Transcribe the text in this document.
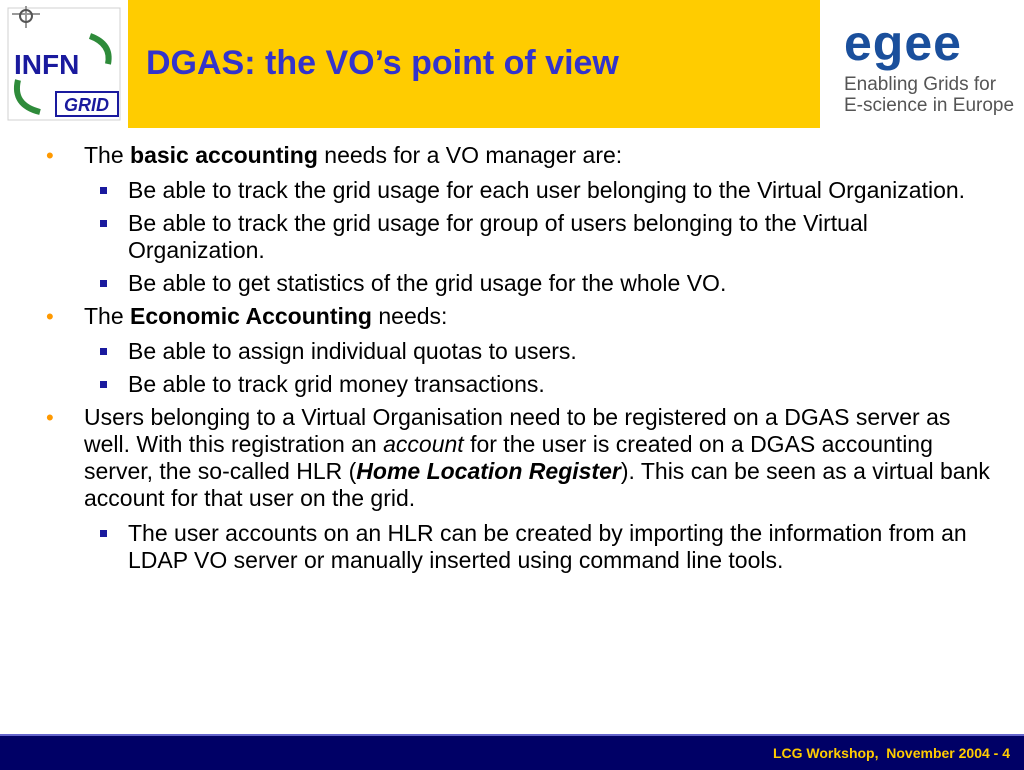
INFN
GRID
DGAS: the VO’s point of view	egee
Enabling Grids for
E-science in Europe
• The basic accounting needs for a VO manager are:
Be able to track the grid usage for each user belonging to the Virtual Organization.
Be able to track the grid usage for group of users belonging to the Virtual Organization.
Be able to get statistics of the grid usage for the whole VO.
• The Economic Accounting needs:
Be able to assign individual quotas to users.
Be able to track grid money transactions.
• Users belonging to a Virtual Organisation need to be registered on a DGAS server as well. With this registration an account for the user is created on a DGAS accounting server, the so-called HLR (Home Location Register). This can be seen as a virtual bank account for that user on the grid.
The user accounts on an HLR can be created by importing the information from an LDAP VO server or manually inserted using command line tools.
LCG Workshop,  November 2004 - 4
